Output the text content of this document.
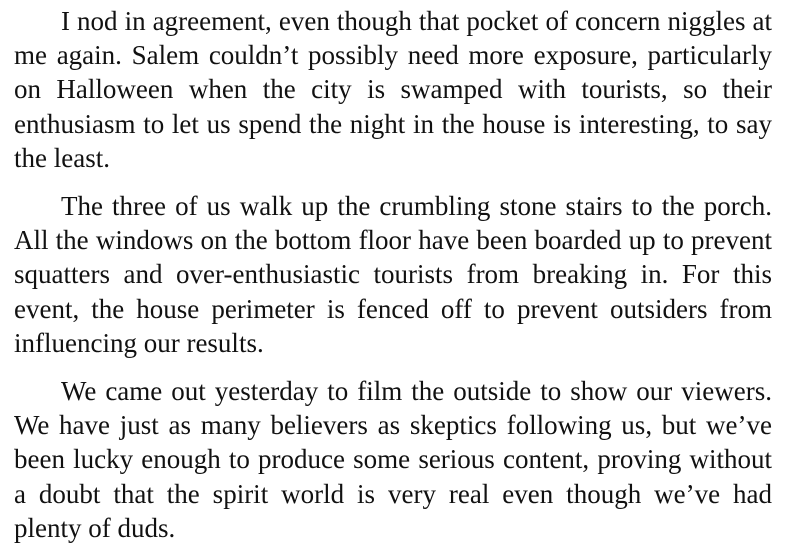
I nod in agreement, even though that pocket of concern niggles at me again. Salem couldn’t possibly need more exposure, particularly on Halloween when the city is swamped with tourists, so their enthusiasm to let us spend the night in the house is interesting, to say the least.

The three of us walk up the crumbling stone stairs to the porch. All the windows on the bottom floor have been boarded up to prevent squatters and over-enthusiastic tourists from breaking in. For this event, the house perimeter is fenced off to prevent outsiders from influencing our results.

We came out yesterday to film the outside to show our viewers. We have just as many believers as skeptics following us, but we’ve been lucky enough to produce some serious content, proving without a doubt that the spirit world is very real even though we’ve had plenty of duds.
